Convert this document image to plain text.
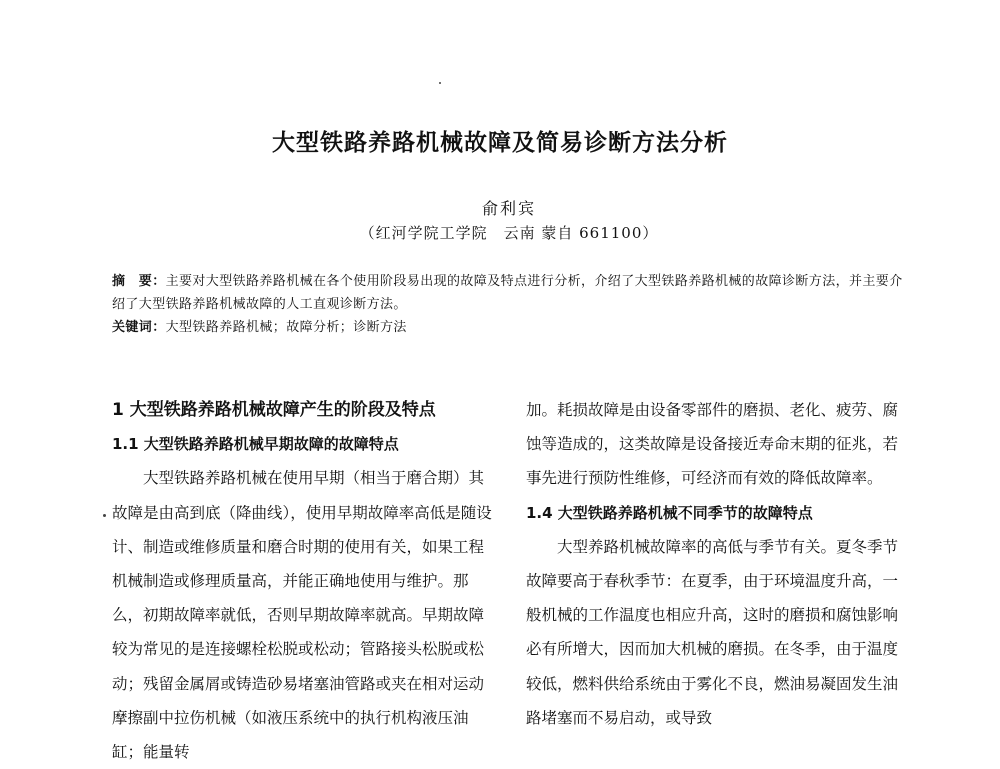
大型铁路养路机械故障及简易诊断方法分析
俞利宾
（红河学院工学院　云南 蒙自 661100）

摘　要：主要对大型铁路养路机械在各个使用阶段易出现的故障及特点进行分析，介绍了大型铁路养路机械的故障诊断方法，并主要介绍了大型铁路养路机械故障的人工直观诊断方法。

关键词：大型铁路养路机械；故障分析；诊断方法

1 大型铁路养路机械故障产生的阶段及特点

1.1 大型铁路养路机械早期故障的故障特点

大型铁路养路机械在使用早期（相当于磨合期）其故障是由高到底（降曲线），使用早期故障率高低是随设计、制造或维修质量和磨合时期的使用有关，如果工程机械制造或修理质量高，并能正确地使用与维护。那么，初期故障率就低，否则早期故障率就高。早期故障较为常见的是连接螺栓松脱或松动；管路接头松脱或松动；残留金属屑或铸造砂易堵塞油管路或夹在相对运动摩擦副中拉伤机械（如液压系统中的执行机构液压油缸；能量转

加。耗损故障是由设备零部件的磨损、老化、疲劳、腐蚀等造成的，这类故障是设备接近寿命末期的征兆，若事先进行预防性维修，可经济而有效的降低故障率。

1.4 大型铁路养路机械不同季节的故障特点

大型养路机械故障率的高低与季节有关。夏冬季节故障要高于春秋季节：在夏季，由于环境温度升高，一般机械的工作温度也相应升高，这时的磨损和腐蚀影响必有所增大，因而加大机械的磨损。在冬季，由于温度较低，燃料供给系统由于雾化不良，燃油易凝固发生油路堵塞而不易启动，或导致
